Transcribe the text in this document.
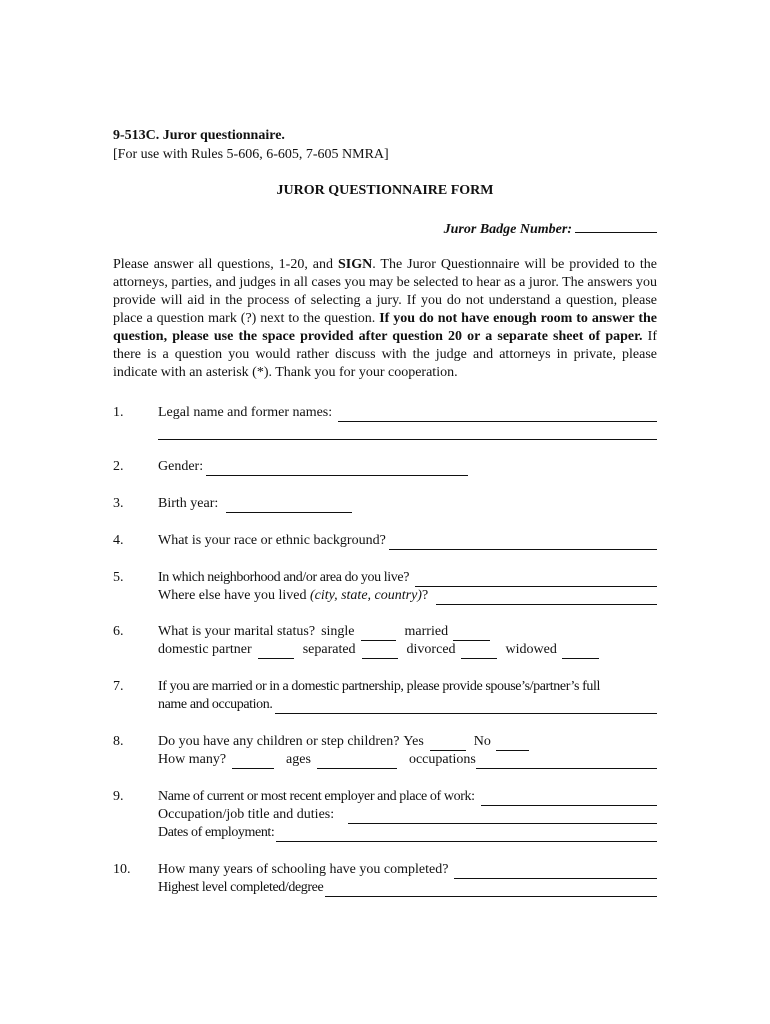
9-513C. Juror questionnaire.
[For use with Rules 5-606, 6-605, 7-605 NMRA]
JUROR QUESTIONNAIRE FORM
Juror Badge Number:
Please answer all questions, 1-20, and SIGN. The Juror Questionnaire will be provided to the attorneys, parties, and judges in all cases you may be selected to hear as a juror. The answers you provide will aid in the process of selecting a jury. If you do not understand a question, please place a question mark (?) next to the question. If you do not have enough room to answer the question, please use the space provided after question 20 or a separate sheet of paper. If there is a question you would rather discuss with the judge and attorneys in private, please indicate with an asterisk (*). Thank you for your cooperation.
1. Legal name and former names:
2. Gender:
3. Birth year:
4. What is your race or ethnic background?
5. In which neighborhood and/or area do you live?
Where else have you lived (city, state, country)?
6. What is your marital status? single	married
domestic partner	separated	divorced	widowed
7. If you are married or in a domestic partnership, please provide spouse’s/partner’s full
name and occupation.
8. Do you have any children or step children? Yes	No
How many?	ages	occupations
9. Name of current or most recent employer and place of work:
Occupation/job title and duties:
Dates of employment:
10. How many years of schooling have you completed?
Highest level completed/degree
